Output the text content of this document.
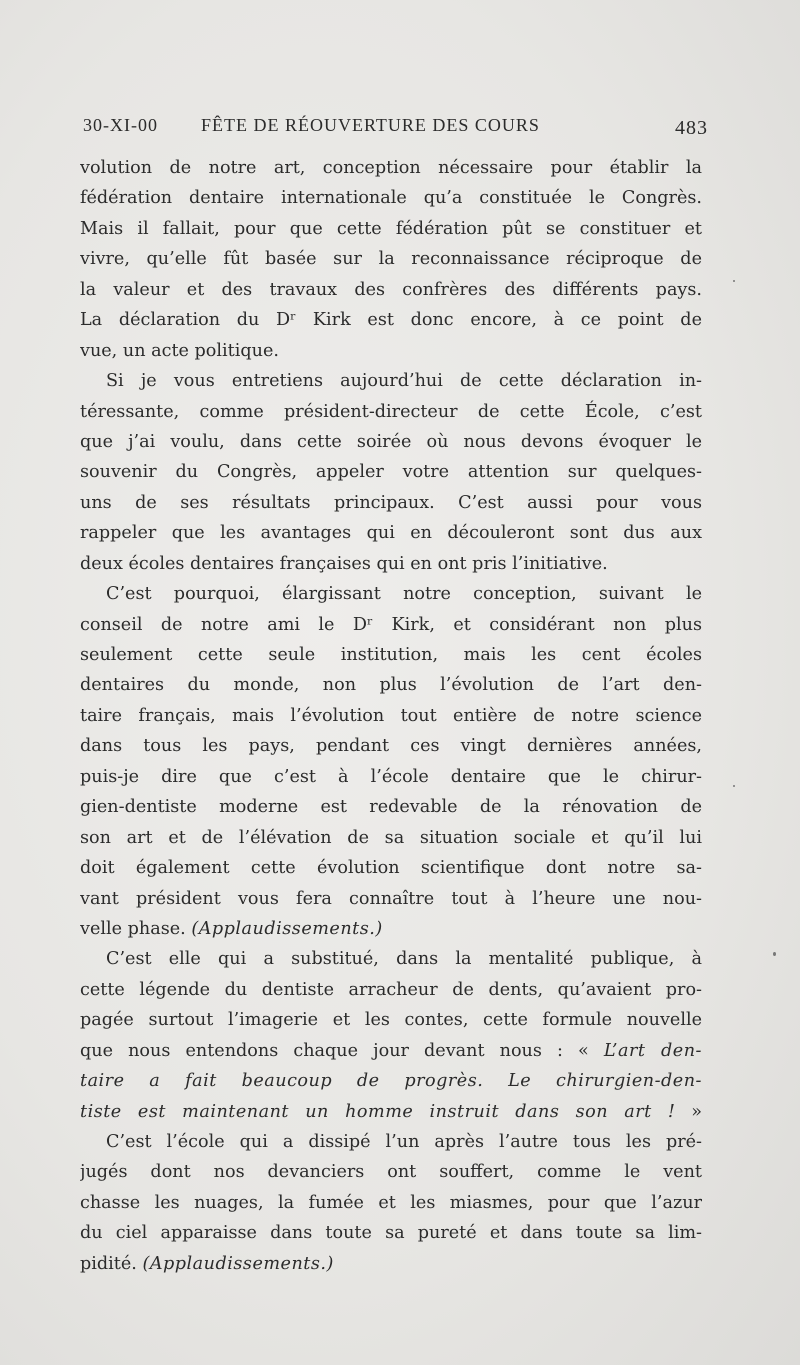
30-XI-00 FÊTE DE RÉOUVERTURE DES COURS	483
volution de notre art, conception nécessaire pour établir la
fédération dentaire internationale qu’a constituée le Congrès.
Mais il fallait, pour que cette fédération pût se constituer et
vivre, qu’elle fût basée sur la reconnaissance réciproque de
la valeur et des travaux des confrères des différents pays.
La déclaration du Dʳ Kirk est donc encore, à ce point de
vue, un acte politique.
Si je vous entretiens aujourd’hui de cette déclaration in-
téressante, comme président-directeur de cette École, c’est
que j’ai voulu, dans cette soirée où nous devons évoquer le
souvenir du Congrès, appeler votre attention sur quelques-
uns de ses résultats principaux. C’est aussi pour vous
rappeler que les avantages qui en découleront sont dus aux
deux écoles dentaires françaises qui en ont pris l’initiative.
C’est pourquoi, élargissant notre conception, suivant le
conseil de notre ami le Dʳ Kirk, et considérant non plus
seulement cette seule institution, mais les cent écoles
dentaires du monde, non plus l’évolution de l’art den-
taire français, mais l’évolution tout entière de notre science
dans tous les pays, pendant ces vingt dernières années,
puis-je dire que c’est à l’école dentaire que le chirur-
gien-dentiste moderne est redevable de la rénovation de
son art et de l’élévation de sa situation sociale et qu’il lui
doit également cette évolution scientifique dont notre sa-
vant président vous fera connaître tout à l’heure une nou-
velle phase. (Applaudissements.)
C’est elle qui a substitué, dans la mentalité publique, à
cette légende du dentiste arracheur de dents, qu’avaient pro-
pagée surtout l’imagerie et les contes, cette formule nouvelle
que nous entendons chaque jour devant nous : « L’art den-
taire a fait beaucoup de progrès. Le chirurgien-den-
tiste est maintenant un homme instruit dans son art ! »
C’est l’école qui a dissipé l’un après l’autre tous les pré-
jugés dont nos devanciers ont souffert, comme le vent
chasse les nuages, la fumée et les miasmes, pour que l’azur
du ciel apparaisse dans toute sa pureté et dans toute sa lim-
pidité. (Applaudissements.)
